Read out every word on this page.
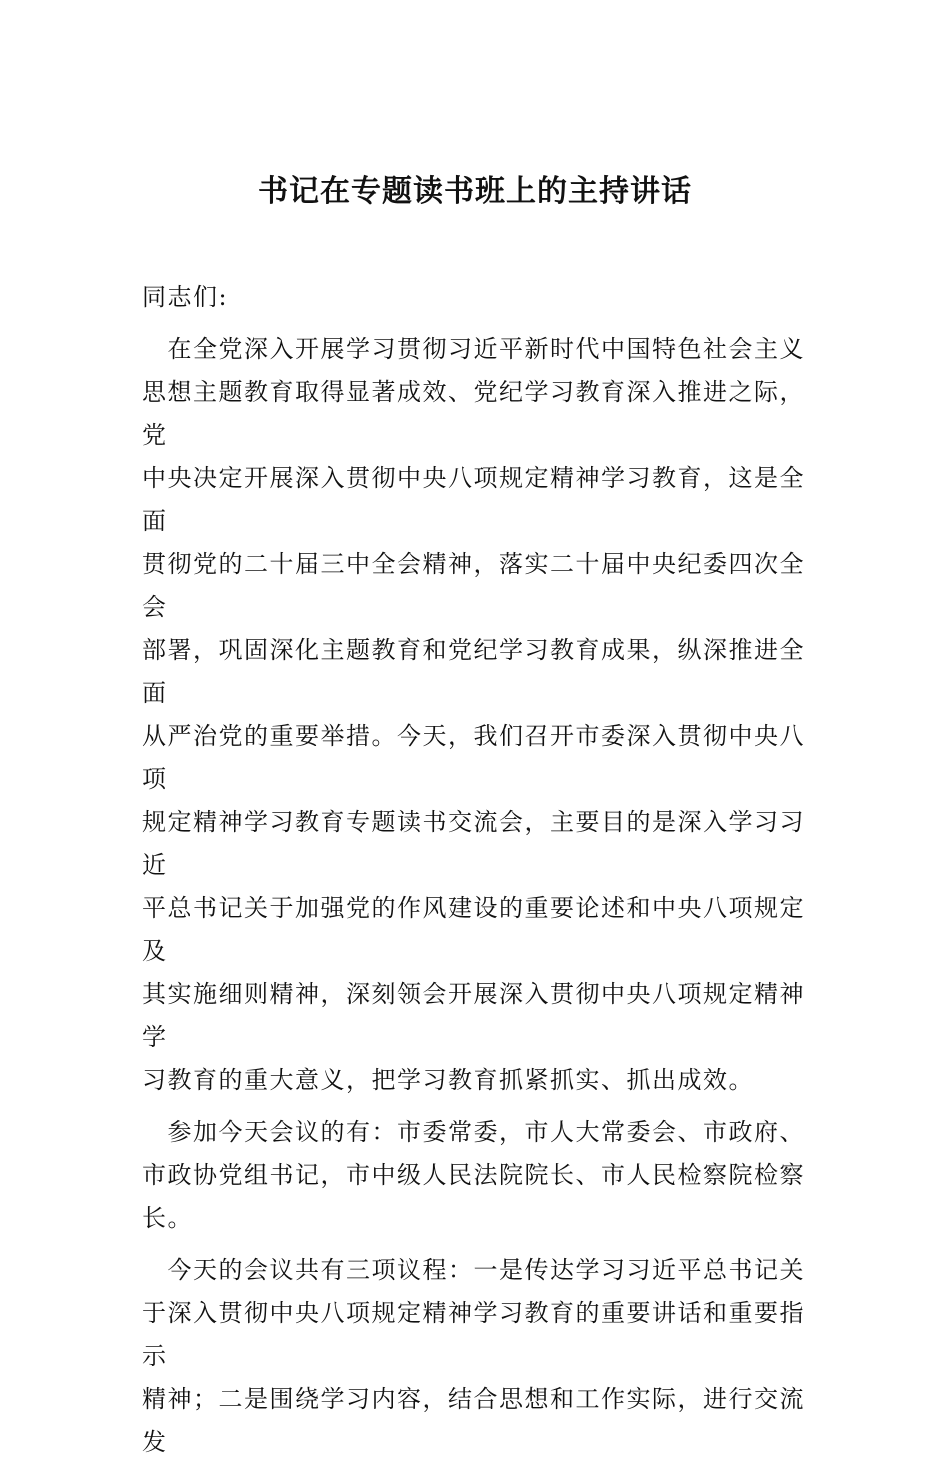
书记在专题读书班上的主持讲话
同志们:
　在全党深入开展学习贯彻习近平新时代中国特色社会主义
思想主题教育取得显著成效、党纪学习教育深入推进之际，党
中央决定开展深入贯彻中央八项规定精神学习教育，这是全面
贯彻党的二十届三中全会精神，落实二十届中央纪委四次全会
部署，巩固深化主题教育和党纪学习教育成果，纵深推进全面
从严治党的重要举措。今天，我们召开市委深入贯彻中央八项
规定精神学习教育专题读书交流会，主要目的是深入学习习近
平总书记关于加强党的作风建设的重要论述和中央八项规定及
其实施细则精神，深刻领会开展深入贯彻中央八项规定精神学
习教育的重大意义，把学习教育抓紧抓实、抓出成效。
　参加今天会议的有：市委常委，市人大常委会、市政府、
市政协党组书记，市中级人民法院院长、市人民检察院检察
长。
　今天的会议共有三项议程：一是传达学习习近平总书记关
于深入贯彻中央八项规定精神学习教育的重要讲话和重要指示
精神；二是围绕学习内容，结合思想和工作实际，进行交流发
